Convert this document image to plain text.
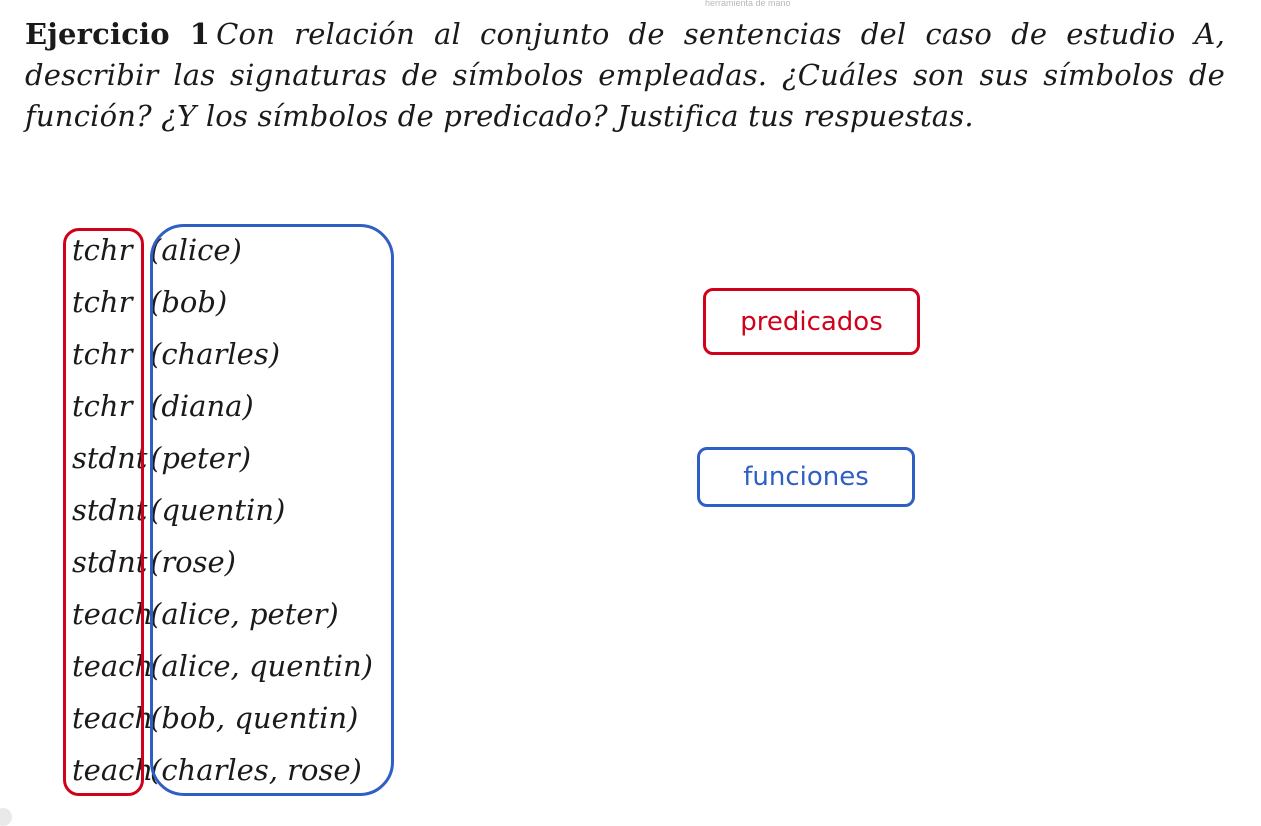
herramienta de mano
Ejercicio 1 Con relación al conjunto de sentencias del caso de estudio A,
describir las signaturas de símbolos empleadas. ¿Cuáles son sus símbolos de
función? ¿Y los símbolos de predicado? Justifica tus respuestas.
tchr (alice)
tchr (bob)
tchr (charles)
tchr (diana)
stdnt (peter)
stdnt (quentin)
stdnt (rose)
teach
(alice, peter)
teach
(alice, quentin)
teach
(bob, quentin)
teach
(charles, rose)
predicados
funciones
